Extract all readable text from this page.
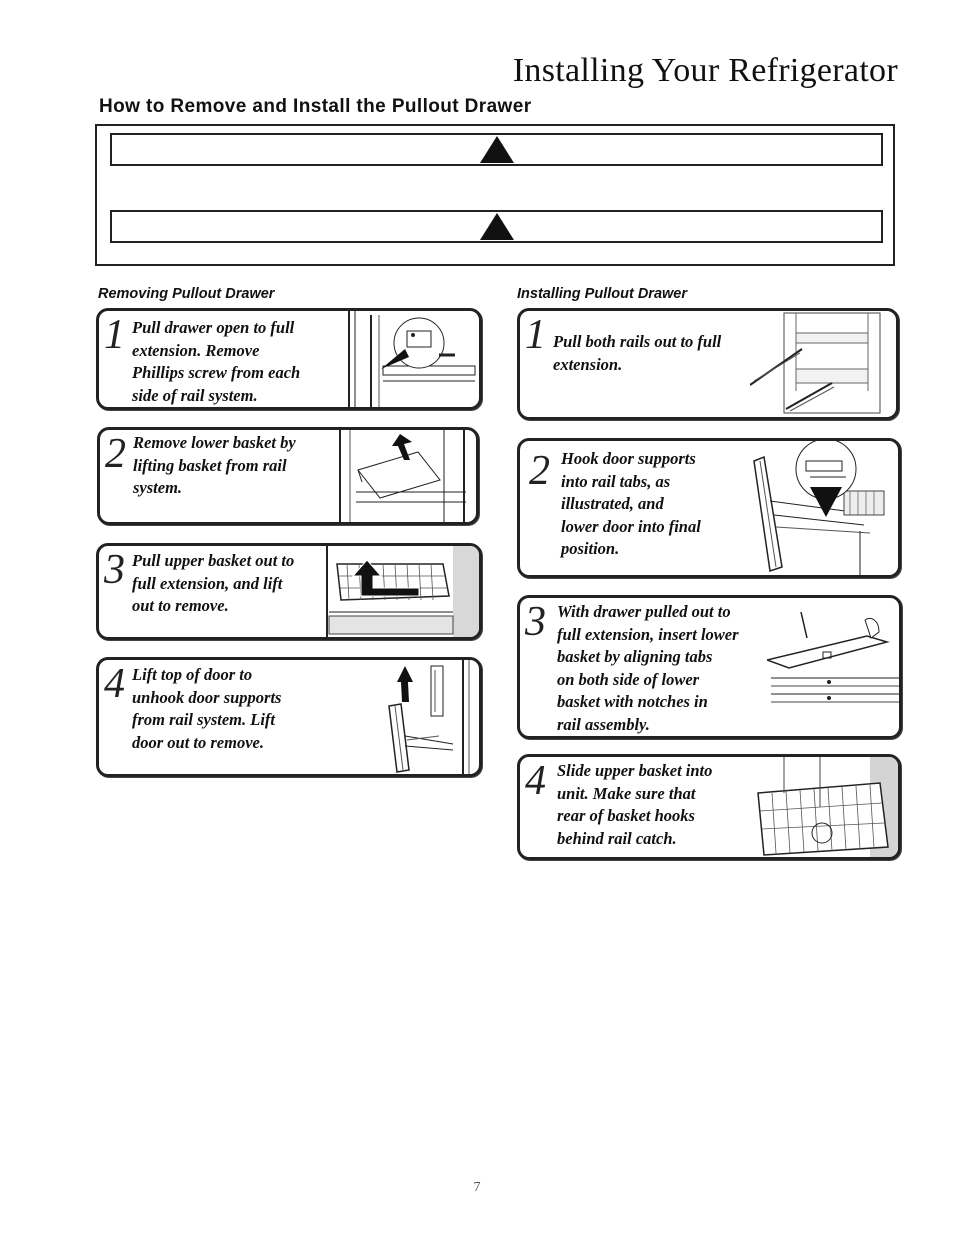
Installing Your Refrigerator
How to Remove and Install the Pullout Drawer
Removing Pullout Drawer	Installing Pullout Drawer
1 Pull drawer open to full
extension. Remove
Phillips screw from each
side of rail system.
2 Remove lower basket by
lifting basket from rail
system.
3 Pull upper basket out to
full extension, and lift
out to remove.
4 Lift top of door to
unhook door supports
from rail system. Lift
door out to remove.
1 Pull both rails out to full
extension.
2 Hook door supports
into rail tabs, as
illustrated, and
lower door into final
position.
3 With drawer pulled out to
full extension, insert lower
basket by aligning tabs
on both side of lower
basket with notches in
rail assembly.
4 Slide upper basket into
unit. Make sure that
rear of basket hooks
behind rail catch.
7
